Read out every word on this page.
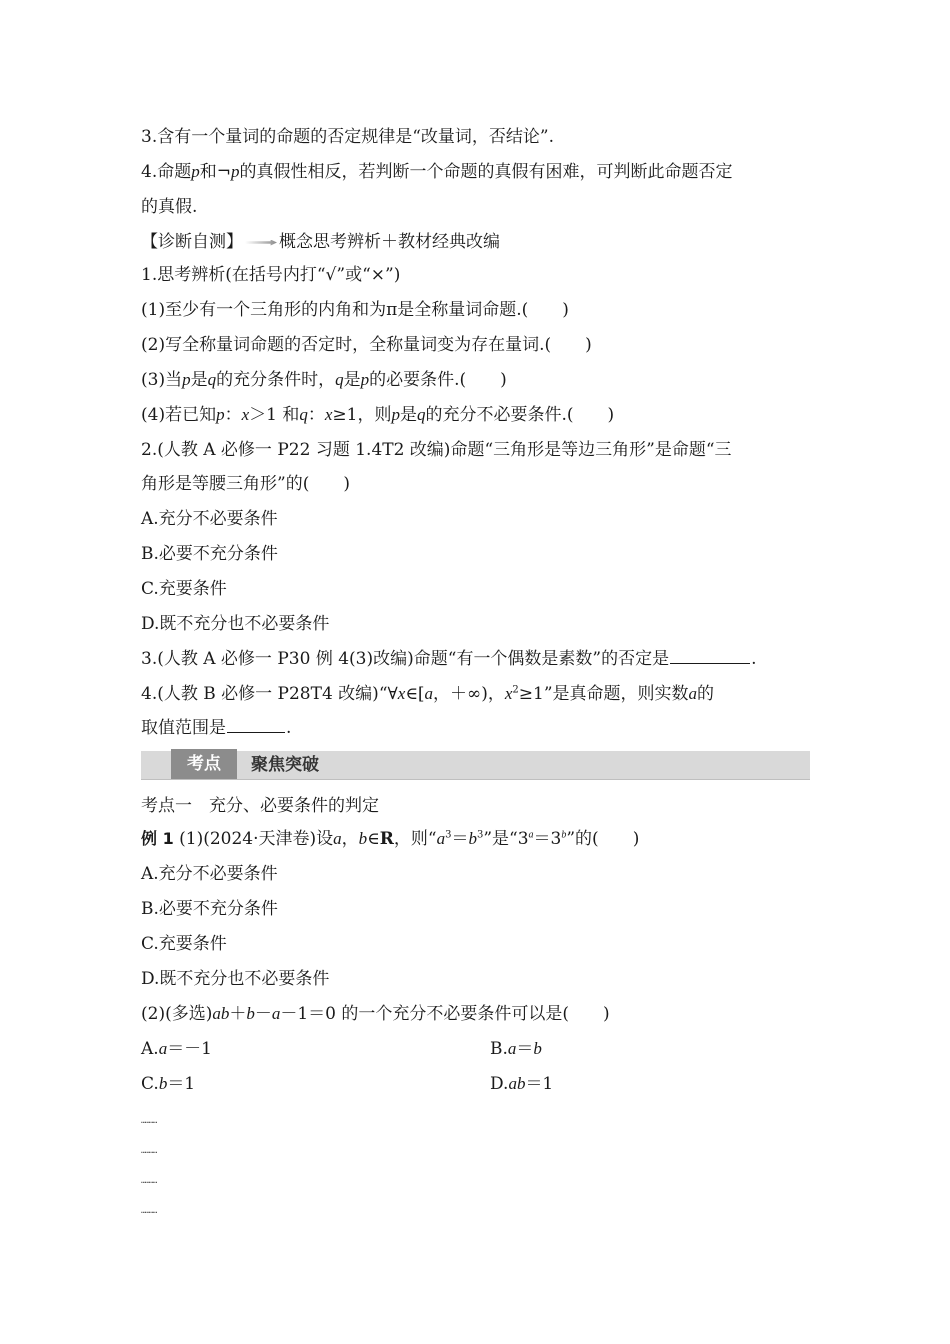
3.含有一个量词的命题的否定规律是“改量词，否结论”.
4.命题p和¬p的真假性相反，若判断一个命题的真假有困难，可判断此命题否定
的真假.
【诊断自测】 概念思考辨析＋教材经典改编
1.思考辨析(在括号内打“√”或“×”)
(1)至少有一个三角形的内角和为π是全称量词命题.( )
(2)写全称量词命题的否定时，全称量词变为存在量词.( )
(3)当p是q的充分条件时，q是p的必要条件.( )
(4)若已知p：x＞1 和q：x≥1，则p是q的充分不必要条件.( )
2.(人教 A 必修一 P22 习题 1.4T2 改编)命题“三角形是等边三角形”是命题“三
角形是等腰三角形”的( )
A.充分不必要条件
B.必要不充分条件
C.充要条件
D.既不充分也不必要条件
3.(人教 A 必修一 P30 例 4(3)改编)命题“有一个偶数是素数”的否定是	.
4.(人教 B 必修一 P28T4 改编)“∀x∈[a，＋∞)，$x^2\ge 1$”是真命题，则实数a的
取值范围是	.
考点	聚焦突破
考点一　充分、必要条件的判定
例 1 (1)(2024·天津卷)设a，b∈R，则“$a^3=b^3$”是“$3^a=3^b$”的( )
A.充分不必要条件
B.必要不充分条件
C.充要条件
D.既不充分也不必要条件
(2)(多选)ab＋b－a－1＝0 的一个充分不必要条件可以是( )
A.a＝－1	B.a＝b
C.b＝1	D.ab＝1
…………
…………
…………
…………
